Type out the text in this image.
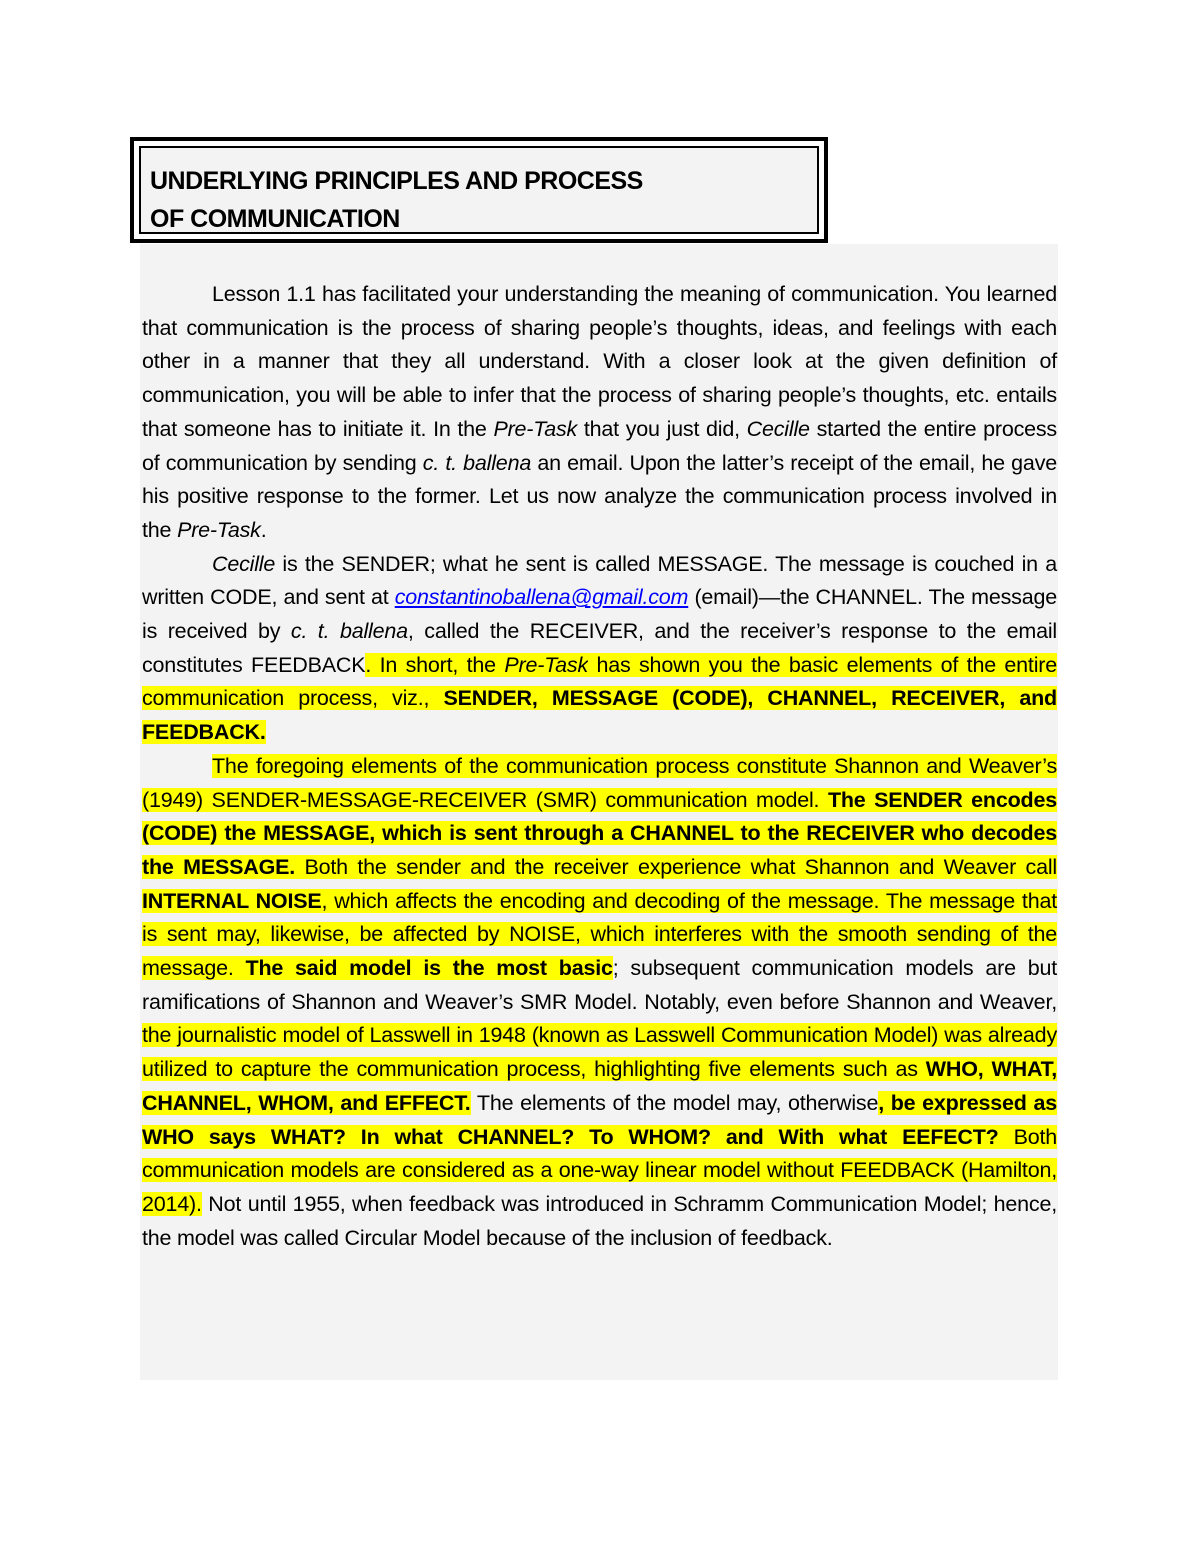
UNDERLYING PRINCIPLES AND PROCESS
OF COMMUNICATION

Lesson 1.1 has facilitated your understanding the meaning of communication. You learned that communication is the process of sharing people’s thoughts, ideas, and feelings with each other in a manner that they all understand. With a closer look at the given definition of communication, you will be able to infer that the process of sharing people’s thoughts, etc. entails that someone has to initiate it. In the Pre-Task that you just did, Cecille started the entire process of communication by sending c. t. ballena an email. Upon the latter’s receipt of the email, he gave his positive response to the former. Let us now analyze the communication process involved in the Pre-Task.

Cecille is the SENDER; what he sent is called MESSAGE. The message is couched in a written CODE, and sent at constantinoballena@gmail.com (email)—the CHANNEL. The message is received by c. t. ballena, called the RECEIVER, and the receiver’s response to the email constitutes FEEDBACK. In short, the Pre-Task has shown you the basic elements of the entire communication process, viz., SENDER, MESSAGE (CODE), CHANNEL, RECEIVER, and FEEDBACK.

The foregoing elements of the communication process constitute Shannon and Weaver’s (1949) SENDER-MESSAGE-RECEIVER (SMR) communication model. The SENDER encodes (CODE) the MESSAGE, which is sent through a CHANNEL to the RECEIVER who decodes the MESSAGE. Both the sender and the receiver experience what Shannon and Weaver call INTERNAL NOISE, which affects the encoding and decoding of the message. The message that is sent may, likewise, be affected by NOISE, which interferes with the smooth sending of the message. The said model is the most basic; subsequent communication models are but ramifications of Shannon and Weaver’s SMR Model. Notably, even before Shannon and Weaver, the journalistic model of Lasswell in 1948 (known as Lasswell Communication Model) was already utilized to capture the communication process, highlighting five elements such as WHO, WHAT, CHANNEL, WHOM, and EFFECT. The elements of the model may, otherwise, be expressed as WHO says WHAT? In what CHANNEL? To WHOM? and With what EEFECT? Both communication models are considered as a one-way linear model without FEEDBACK (Hamilton, 2014). Not until 1955, when feedback was introduced in Schramm Communication Model; hence, the model was called Circular Model because of the inclusion of feedback.
